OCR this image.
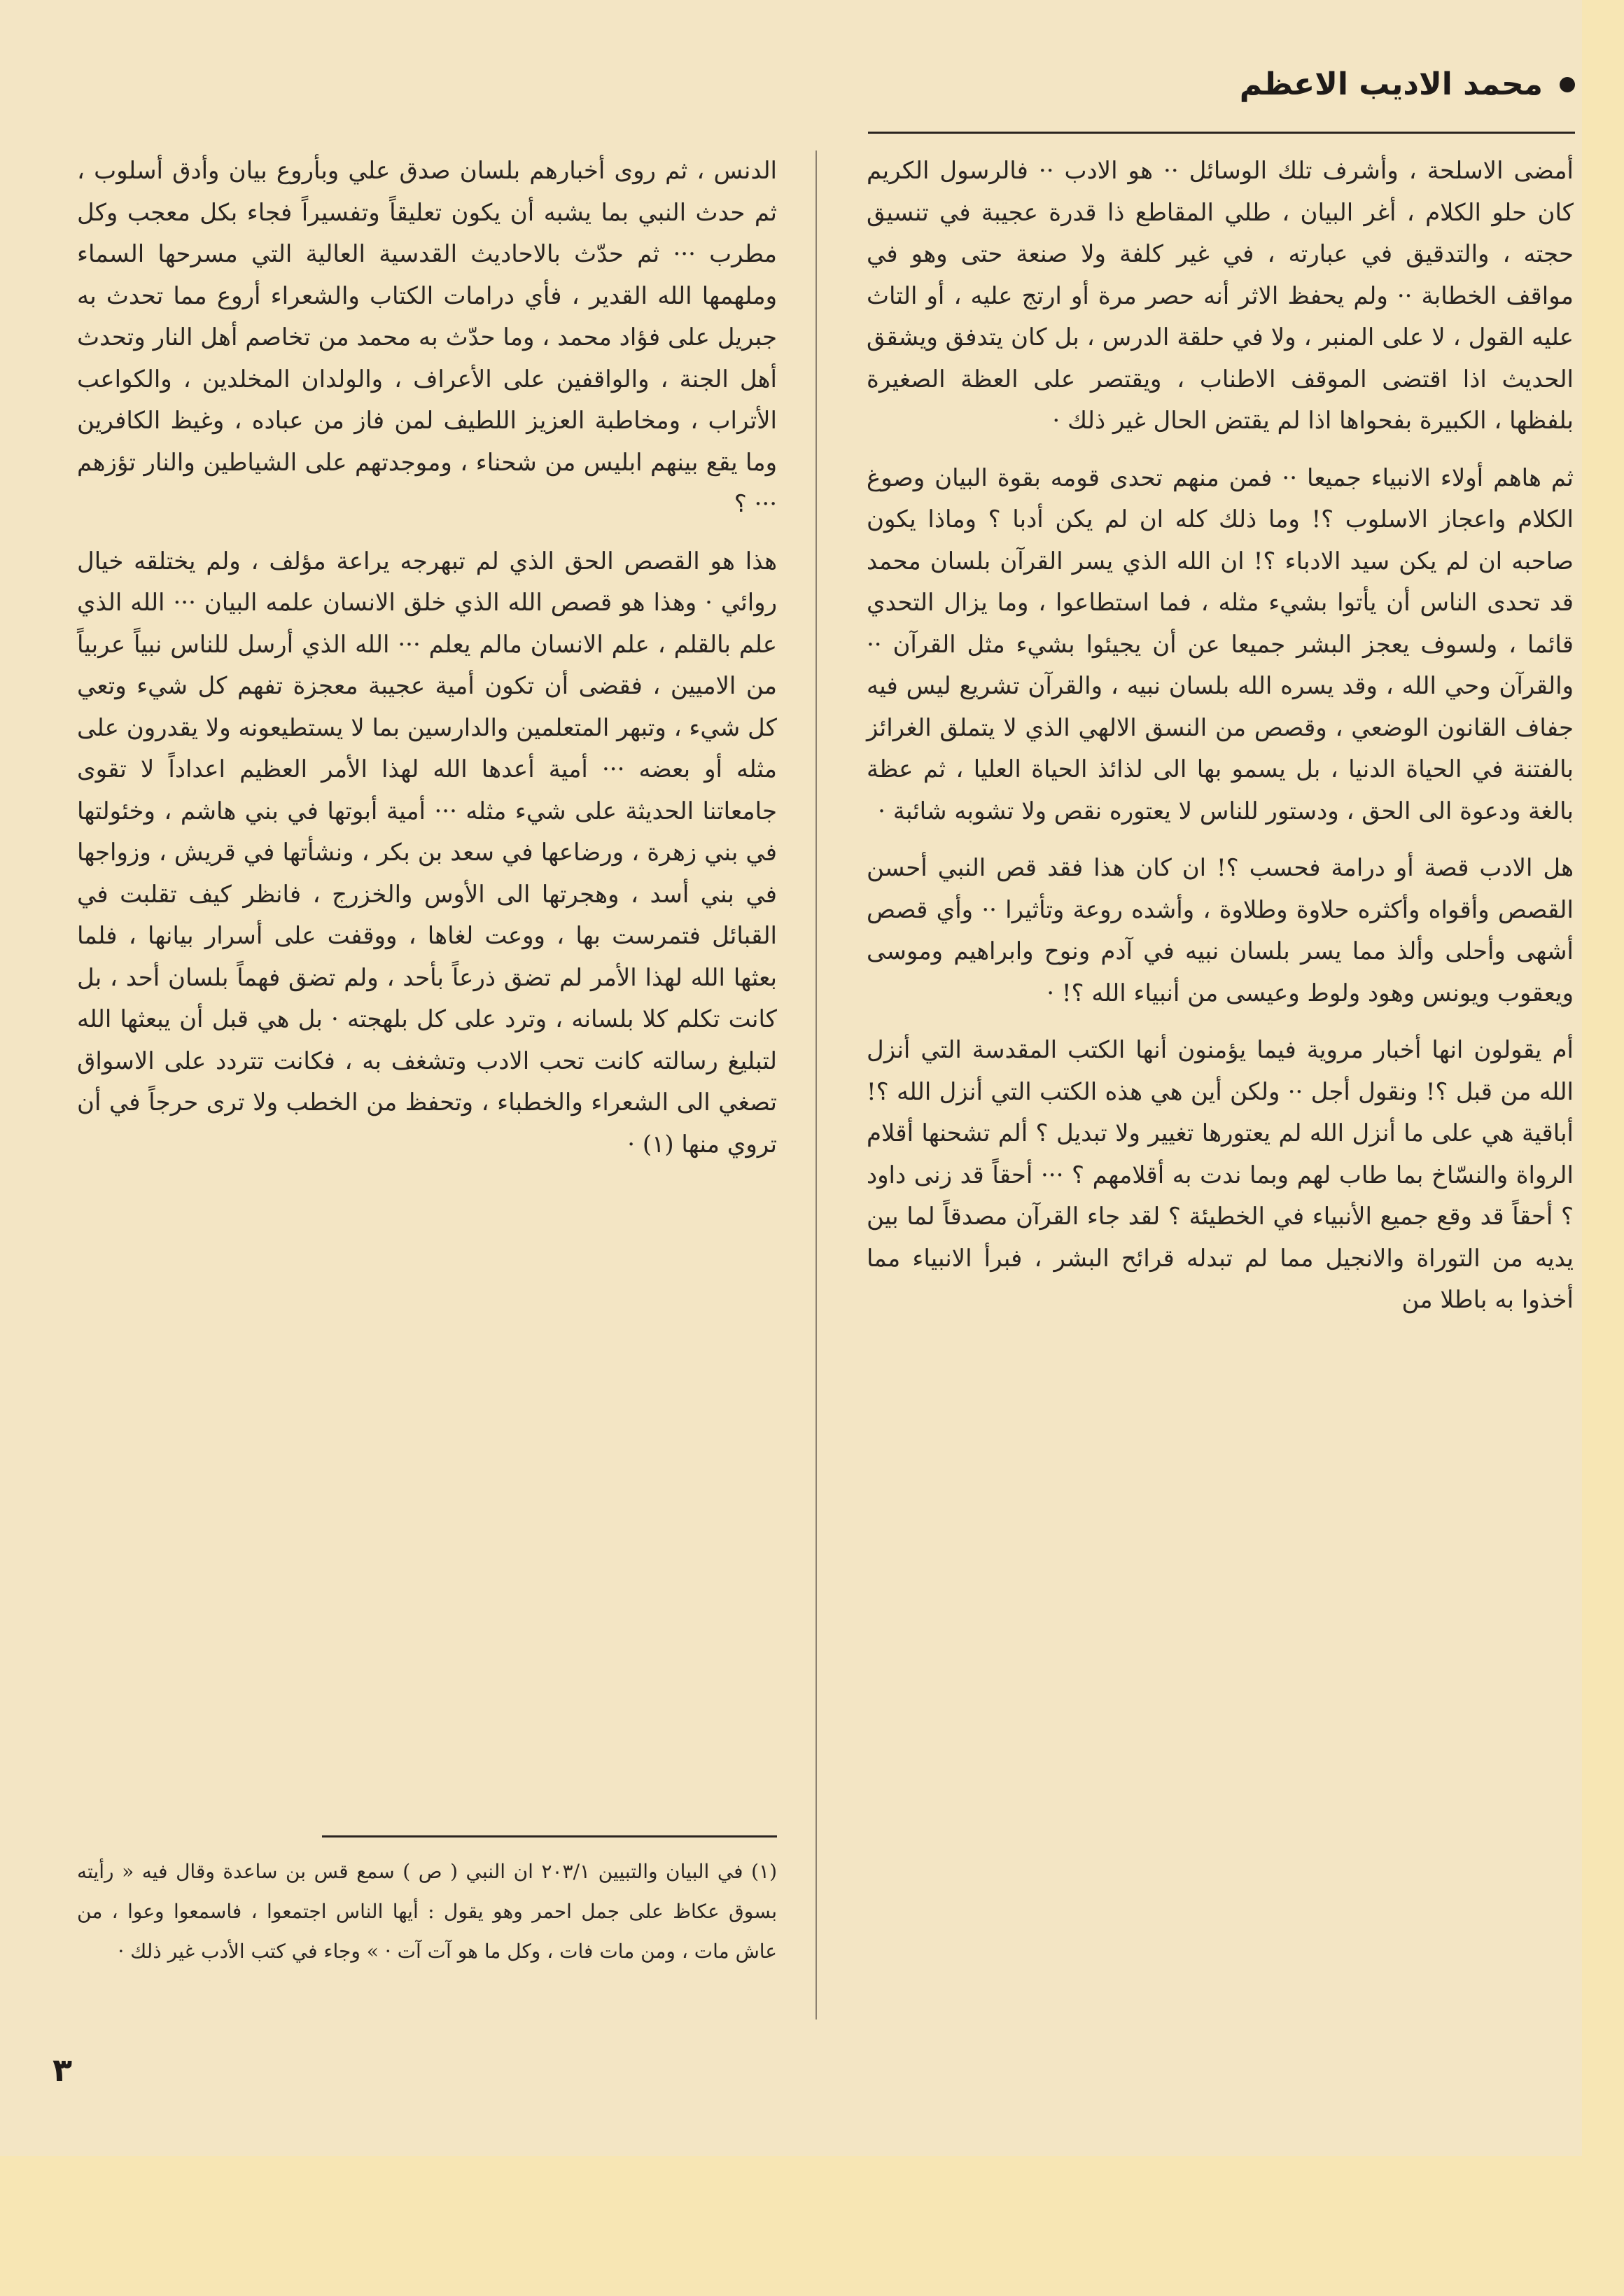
محمد الاديب الاعظم

أمضى الاسلحة ، وأشرف تلك الوسائل ·· هو الادب ·· فالرسول الكريم كان حلو الكلام ، أغر البيان ، طلي المقاطع ذا قدرة عجيبة في تنسيق حجته ، والتدقيق في عبارته ، في غير كلفة ولا صنعة حتى وهو في مواقف الخطابة ·· ولم يحفظ الاثر أنه حصر مرة أو ارتج عليه ، أو التاث عليه القول ، لا على المنبر ، ولا في حلقة الدرس ، بل كان يتدفق ويشقق الحديث اذا اقتضى الموقف الاطناب ، ويقتصر على العظة الصغيرة بلفظها ، الكبيرة بفحواها اذا لم يقتض الحال غير ذلك ·

ثم هاهم أولاء الانبياء جميعا ·· فمن منهم تحدى قومه بقوة البيان وصوغ الكلام واعجاز الاسلوب ؟! وما ذلك كله ان لم يكن أدبا ؟ وماذا يكون صاحبه ان لم يكن سيد الادباء ؟! ان الله الذي يسر القرآن بلسان محمد قد تحدى الناس أن يأتوا بشيء مثله ، فما استطاعوا ، وما يزال التحدي قائما ، ولسوف يعجز البشر جميعا عن أن يجيئوا بشيء مثل القرآن ·· والقرآن وحي الله ، وقد يسره الله بلسان نبيه ، والقرآن تشريع ليس فيه جفاف القانون الوضعي ، وقصص من النسق الالهي الذي لا يتملق الغرائز بالفتنة في الحياة الدنيا ، بل يسمو بها الى لذائذ الحياة العليا ، ثم عظة بالغة ودعوة الى الحق ، ودستور للناس لا يعتوره نقص ولا تشوبه شائبة ·

هل الادب قصة أو درامة فحسب ؟! ان كان هذا فقد قص النبي أحسن القصص وأقواه وأكثره حلاوة وطلاوة ، وأشده روعة وتأثيرا ·· وأي قصص أشهى وأحلى وألذ مما يسر بلسان نبيه في آدم ونوح وابراهيم وموسى ويعقوب ويونس وهود ولوط وعيسى من أنبياء الله ؟! ·

أم يقولون انها أخبار مروية فيما يؤمنون أنها الكتب المقدسة التي أنزل الله من قبل ؟! ونقول أجل ·· ولكن أين هي هذه الكتب التي أنزل الله ؟! أباقية هي على ما أنزل الله لم يعتورها تغيير ولا تبديل ؟ ألم تشحنها أقلام الرواة والنسّاخ بما طاب لهم وبما ندت به أقلامهم ؟ ··· أحقاً قد زنى داود ؟ أحقاً قد وقع جميع الأنبياء في الخطيئة ؟ لقد جاء القرآن مصدقاً لما بين يديه من التوراة والانجيل مما لم تبدله قرائح البشر ، فبرأ الانبياء مما أخذوا به باطلا من

الدنس ، ثم روى أخبارهم بلسان صدق علي وبأروع بيان وأدق أسلوب ، ثم حدث النبي بما يشبه أن يكون تعليقاً وتفسيراً فجاء بكل معجب وكل مطرب ··· ثم حدّث بالاحاديث القدسية العالية التي مسرحها السماء وملهمها الله القدير ، فأي درامات الكتاب والشعراء أروع مما تحدث به جبريل على فؤاد محمد ، وما حدّث به محمد من تخاصم أهل النار وتحدث أهل الجنة ، والواقفين على الأعراف ، والولدان المخلدين ، والكواعب الأتراب ، ومخاطبة العزيز اللطيف لمن فاز من عباده ، وغيظ الكافرين وما يقع بينهم ابليس من شحناء ، وموجدتهم على الشياطين والنار تؤزهم ··· ؟

هذا هو القصص الحق الذي لم تبهرجه يراعة مؤلف ، ولم يختلقه خيال روائي · وهذا هو قصص الله الذي خلق الانسان علمه البيان ··· الله الذي علم بالقلم ، علم الانسان مالم يعلم ··· الله الذي أرسل للناس نبياً عربياً من الاميين ، فقضى أن تكون أمية عجيبة معجزة تفهم كل شيء وتعي كل شيء ، وتبهر المتعلمين والدارسين بما لا يستطيعونه ولا يقدرون على مثله أو بعضه ··· أمية أعدها الله لهذا الأمر العظيم اعداداً لا تقوى جامعاتنا الحديثة على شيء مثله ··· أمية أبوتها في بني هاشم ، وخئولتها في بني زهرة ، ورضاعها في سعد بن بكر ، ونشأتها في قريش ، وزواجها في بني أسد ، وهجرتها الى الأوس والخزرج ، فانظر كيف تقلبت في القبائل فتمرست بها ، ووعت لغاها ، ووقفت على أسرار بيانها ، فلما بعثها الله لهذا الأمر لم تضق ذرعاً بأحد ، ولم تضق فهماً بلسان أحد ، بل كانت تكلم كلا بلسانه ، وترد على كل بلهجته · بل هي قبل أن يبعثها الله لتبليغ رسالته كانت تحب الادب وتشغف به ، فكانت تتردد على الاسواق تصغي الى الشعراء والخطباء ، وتحفظ من الخطب ولا ترى حرجاً في أن تروي منها (١) ·

(١) في البيان والتبيين ٢٠٣/١ ان النبي ( ص ) سمع قس بن ساعدة وقال فيه « رأيته بسوق عكاظ على جمل احمر وهو يقول : أيها الناس اجتمعوا ، فاسمعوا وعوا ، من عاش مات ، ومن مات فات ، وكل ما هو آت آت · » وجاء في كتب الأدب غير ذلك ·
٣
